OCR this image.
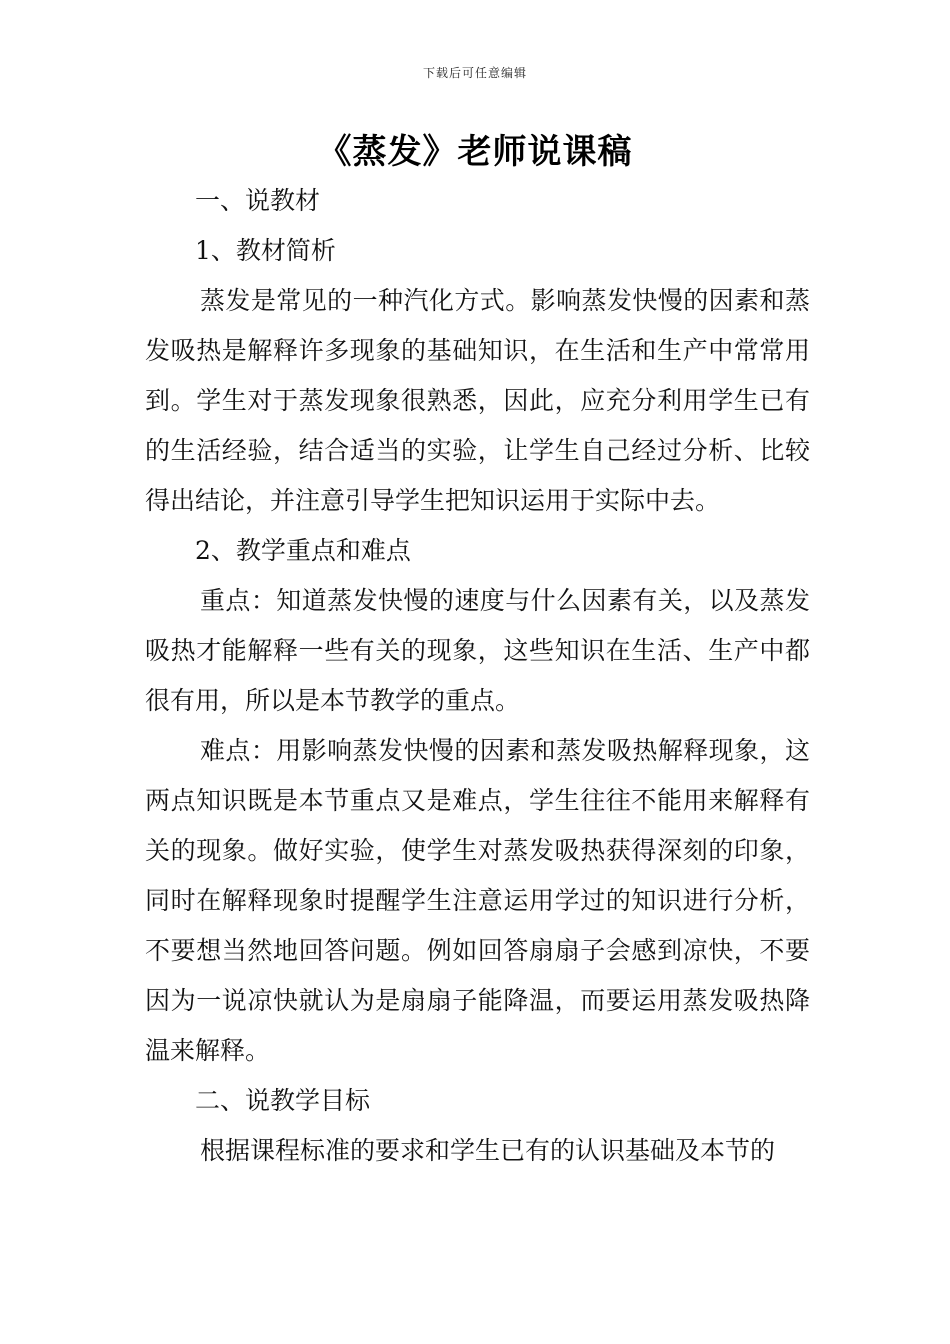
下载后可任意编辑
《蒸发》老师说课稿

一、说教材

1、教材简析

蒸发是常见的一种汽化方式。影响蒸发快慢的因素和蒸发吸热是解释许多现象的基础知识，在生活和生产中常常用到。学生对于蒸发现象很熟悉，因此，应充分利用学生已有的生活经验，结合适当的实验，让学生自己经过分析、比较得出结论，并注意引导学生把知识运用于实际中去。

2、教学重点和难点

重点：知道蒸发快慢的速度与什么因素有关，以及蒸发吸热才能解释一些有关的现象，这些知识在生活、生产中都很有用，所以是本节教学的重点。

难点：用影响蒸发快慢的因素和蒸发吸热解释现象，这两点知识既是本节重点又是难点，学生往往不能用来解释有关的现象。做好实验，使学生对蒸发吸热获得深刻的印象，同时在解释现象时提醒学生注意运用学过的知识进行分析，不要想当然地回答问题。例如回答扇扇子会感到凉快，不要因为一说凉快就认为是扇扇子能降温，而要运用蒸发吸热降温来解释。

二、说教学目标

根据课程标准的要求和学生已有的认识基础及本节的
